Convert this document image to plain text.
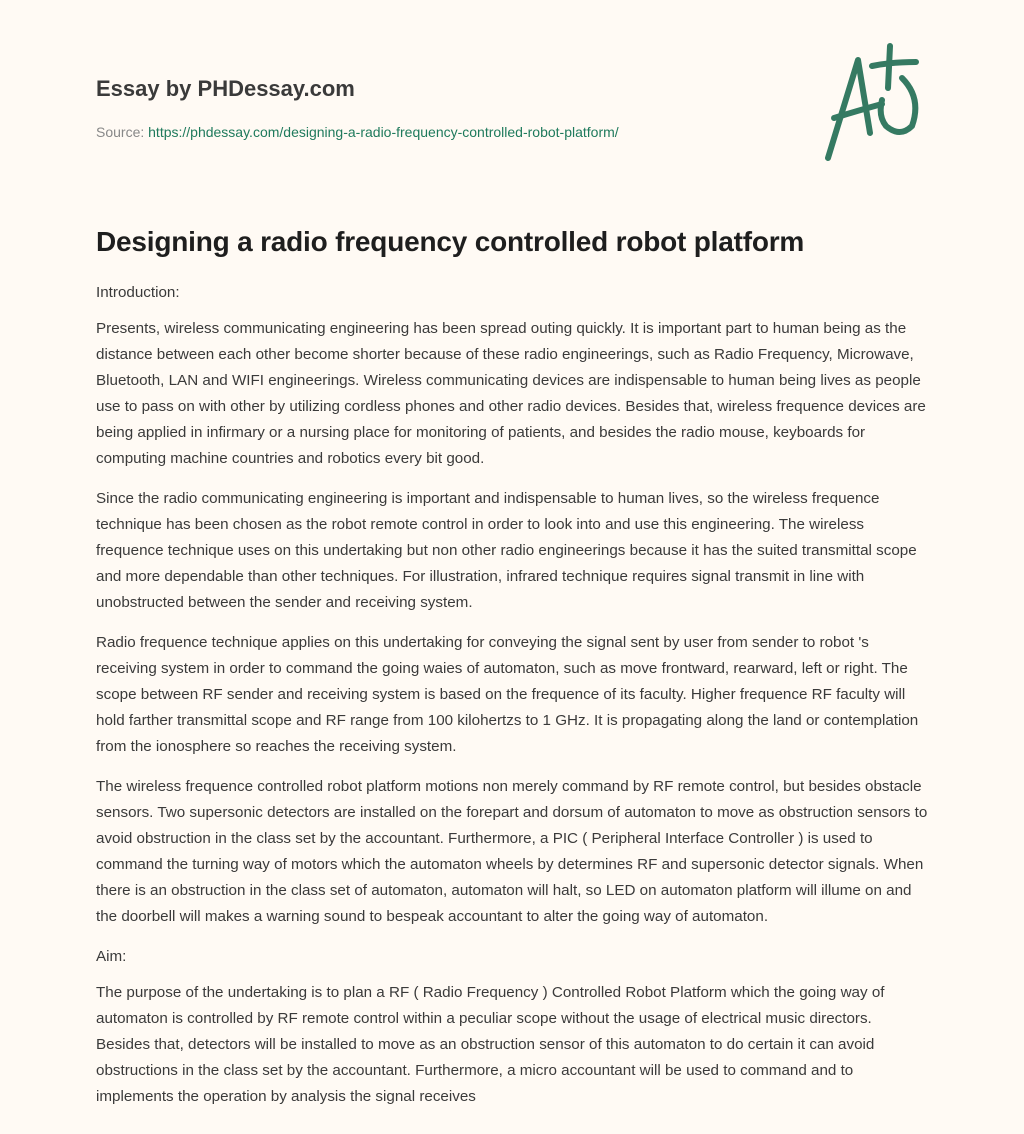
Essay by PHDessay.com
Source: https://phdessay.com/designing-a-radio-frequency-controlled-robot-platform/
Designing a radio frequency controlled robot platform

Introduction:

Presents, wireless communicating engineering has been spread outing quickly. It is important part to human being as the distance between each other become shorter because of these radio engineerings, such as Radio Frequency, Microwave, Bluetooth, LAN and WIFI engineerings. Wireless communicating devices are indispensable to human being lives as people use to pass on with other by utilizing cordless phones and other radio devices. Besides that, wireless frequence devices are being applied in infirmary or a nursing place for monitoring of patients, and besides the radio mouse, keyboards for computing machine countries and robotics every bit good.

Since the radio communicating engineering is important and indispensable to human lives, so the wireless frequence technique has been chosen as the robot remote control in order to look into and use this engineering. The wireless frequence technique uses on this undertaking but non other radio engineerings because it has the suited transmittal scope and more dependable than other techniques. For illustration, infrared technique requires signal transmit in line with unobstructed between the sender and receiving system.

Radio frequence technique applies on this undertaking for conveying the signal sent by user from sender to robot 's receiving system in order to command the going waies of automaton, such as move frontward, rearward, left or right. The scope between RF sender and receiving system is based on the frequence of its faculty. Higher frequence RF faculty will hold farther transmittal scope and RF range from 100 kilohertzs to 1 GHz. It is propagating along the land or contemplation from the ionosphere so reaches the receiving system.

The wireless frequence controlled robot platform motions non merely command by RF remote control, but besides obstacle sensors. Two supersonic detectors are installed on the forepart and dorsum of automaton to move as obstruction sensors to avoid obstruction in the class set by the accountant. Furthermore, a PIC ( Peripheral Interface Controller ) is used to command the turning way of motors which the automaton wheels by determines RF and supersonic detector signals. When there is an obstruction in the class set of automaton, automaton will halt, so LED on automaton platform will illume on and the doorbell will makes a warning sound to bespeak accountant to alter the going way of automaton.

Aim:

The purpose of the undertaking is to plan a RF ( Radio Frequency ) Controlled Robot Platform which the going way of automaton is controlled by RF remote control within a peculiar scope without the usage of electrical music directors. Besides that, detectors will be installed to move as an obstruction sensor of this automaton to do certain it can avoid obstructions in the class set by the accountant. Furthermore, a micro accountant will be used to command and to implements the operation by analysis the signal receives
